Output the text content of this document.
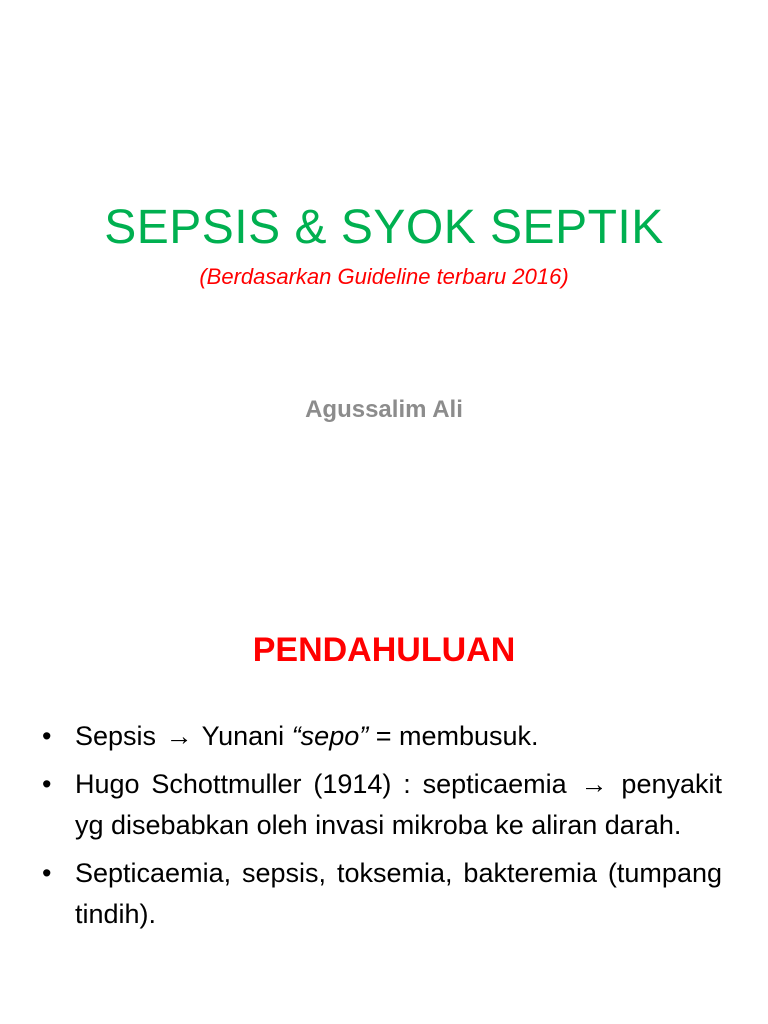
SEPSIS & SYOK SEPTIK
(Berdasarkan Guideline terbaru 2016)
Agussalim Ali
PENDAHULUAN
• Sepsis → Yunani “sepo” = membusuk.
• Hugo Schottmuller (1914) : septicaemia → penyakit yg disebabkan oleh invasi mikroba ke aliran darah.
• Septicaemia, sepsis, toksemia, bakteremia (tumpang tindih).
